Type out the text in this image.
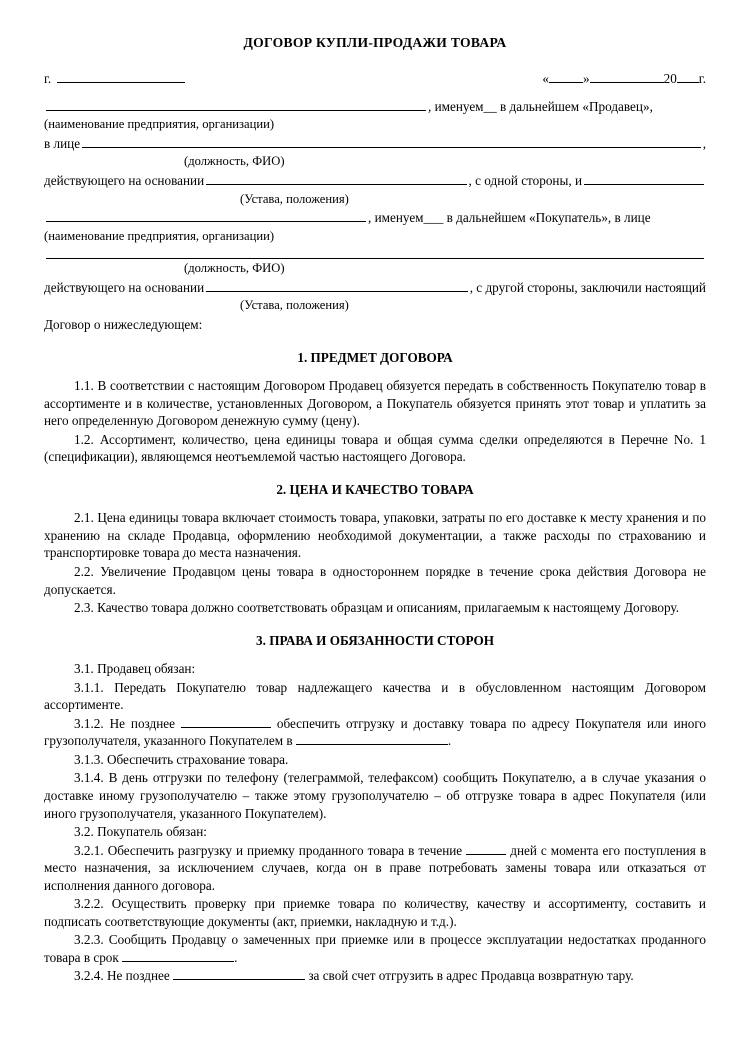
ДОГОВОР КУПЛИ-ПРОДАЖИ ТОВАРА
г.	«	»	20 г.
, именуем__ в дальнейшем «Продавец»,
(наименование предприятия, организации)
в лице	,
(должность, ФИО)
действующего на основании	, с одной стороны, и
(Устава, положения)
, именуем___ в дальнейшем «Покупатель», в лице
(наименование предприятия, организации)
(должность, ФИО)
действующего на основании	, с другой стороны, заключили настоящий
(Устава, положения)
Договор о нижеследующем:
1. ПРЕДМЕТ ДОГОВОРА

1.1. В соответствии с настоящим Договором Продавец обязуется передать в собственность Покупателю товар в ассортименте и в количестве, установленных Договором, а Покупатель обязуется принять этот товар и уплатить за него определенную Договором денежную сумму (цену).

1.2. Ассортимент, количество, цена единицы товара и общая сумма сделки определяются в Перечне No. 1 (спецификации), являющемся неотъемлемой частью настоящего Договора.

2. ЦЕНА И КАЧЕСТВО ТОВАРА

2.1. Цена единицы товара включает стоимость товара, упаковки, затраты по его доставке к месту хранения и по хранению на складе Продавца, оформлению необходимой документации, а также расходы по страхованию и транспортировке товара до места назначения.

2.2. Увеличение Продавцом цены товара в одностороннем порядке в течение срока действия Договора не допускается.

2.3. Качество товара должно соответствовать образцам и описаниям, прилагаемым к настоящему Договору.

3. ПРАВА И ОБЯЗАННОСТИ СТОРОН

3.1. Продавец обязан:

3.1.1. Передать Покупателю товар надлежащего качества и в обусловленном настоящим Договором ассортименте.

3.1.2. Не позднее	обеспечить отгрузку и доставку товара по адресу Покупателя или иного грузополучателя, указанного Покупателем в	.

3.1.3. Обеспечить страхование товара.

3.1.4. В день отгрузки по телефону (телеграммой, телефаксом) сообщить Покупателю, а в случае указания о доставке иному грузополучателю – также этому грузополучателю – об отгрузке товара в адрес Покупателя (или иного грузополучателя, указанного Покупателем).

3.2. Покупатель обязан:

3.2.1. Обеспечить разгрузку и приемку проданного товара в течение	дней с момента его поступления в место назначения, за исключением случаев, когда он в праве потребовать замены товара или отказаться от исполнения данного договора.

3.2.2. Осуществить проверку при приемке товара по количеству, качеству и ассортименту, составить и подписать соответствующие документы (акт, приемки, накладную и т.д.).

3.2.3. Сообщить Продавцу о замеченных при приемке или в процессе эксплуатации недостатках проданного товара в срок	.

3.2.4. Не позднее	за свой счет отгрузить в адрес Продавца возвратную тару.
